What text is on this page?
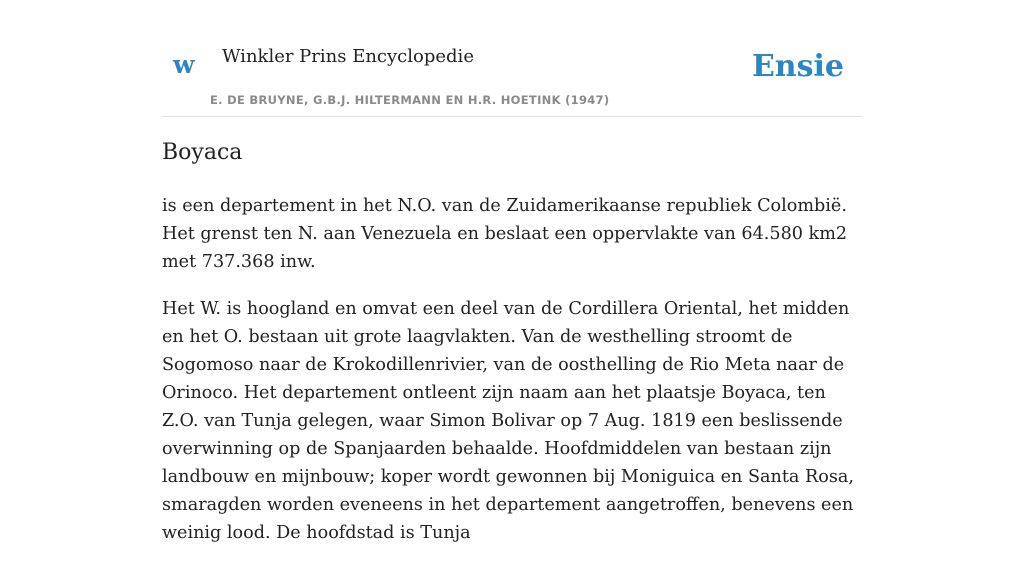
w Winkler Prins Encyclopedie
E. DE BRUYNE, G.B.J. HILTERMANN EN H.R. HOETINK (1947)
Ensie
Boyaca

is een departement in het N.O. van de Zuidamerikaanse republiek Colombië. Het grenst ten N. aan Venezuela en beslaat een oppervlakte van 64.580 km2 met 737.368 inw.

Het W. is hoogland en omvat een deel van de Cordillera Oriental, het midden en het O. bestaan uit grote laagvlakten. Van de westhelling stroomt de Sogomoso naar de Krokodillenrivier, van de oosthelling de Rio Meta naar de Orinoco. Het departement ontleent zijn naam aan het plaatsje Boyaca, ten Z.O. van Tunja gelegen, waar Simon Bolivar op 7 Aug. 1819 een beslissende overwinning op de Spanjaarden behaalde. Hoofdmiddelen van bestaan zijn landbouw en mijnbouw; koper wordt gewonnen bij Moniguica en Santa Rosa, smaragden worden eveneens in het departement aangetroffen, benevens een weinig lood. De hoofdstad is Tunja
